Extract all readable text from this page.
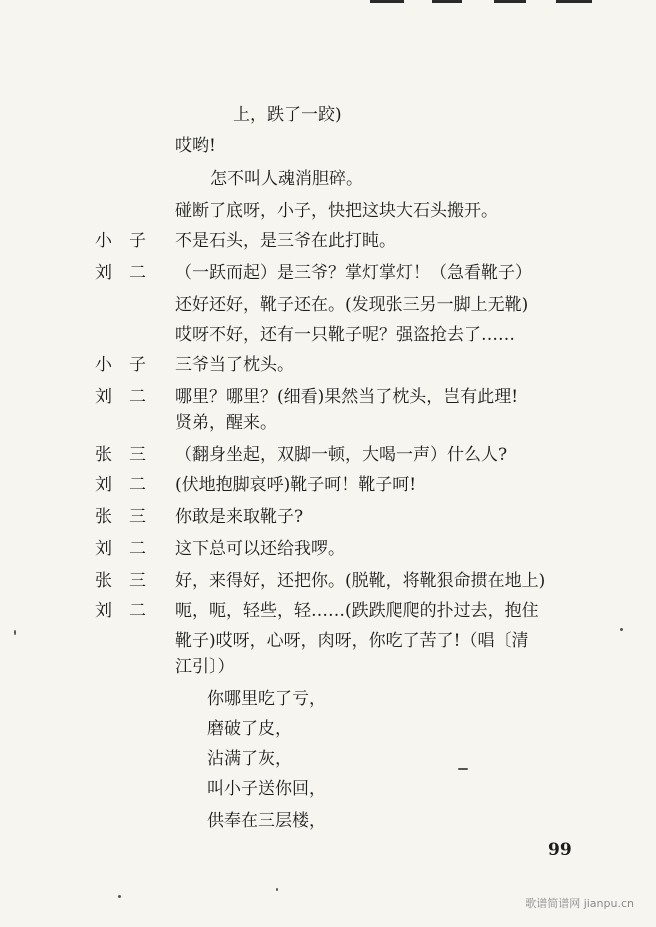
上，跌了一跤)
哎哟!
怎不叫人魂消胆碎。
碰断了底呀，小子，快把这块大石头搬开。
小　子	不是石头，是三爷在此打盹。
刘　二	（一跃而起）是三爷？掌灯掌灯！（急看靴子）
还好还好，靴子还在。(发现张三另一脚上无靴)
哎呀不好，还有一只靴子呢？强盗抢去了……
小　子	三爷当了枕头。
刘　二	哪里？哪里？(细看)果然当了枕头，岂有此理!
贤弟，醒来。
张　三	（翻身坐起，双脚一顿，大喝一声）什么人?
刘　二	(伏地抱脚哀呼)靴子呵！靴子呵!
张　三	你敢是来取靴子?
刘　二	这下总可以还给我啰。
张　三	好，来得好，还把你。(脱靴，将靴狠命掼在地上)
刘　二	呃，呃，轻些，轻……(跌跌爬爬的扑过去，抱住
靴子)哎呀，心呀，肉呀，你吃了苦了!（唱〔清
江引〕）
你哪里吃了亏，
磨破了皮，
沾满了灰，
叫小子送你回，
供奉在三层楼，
99
歌谱简谱网 jianpu.cn
